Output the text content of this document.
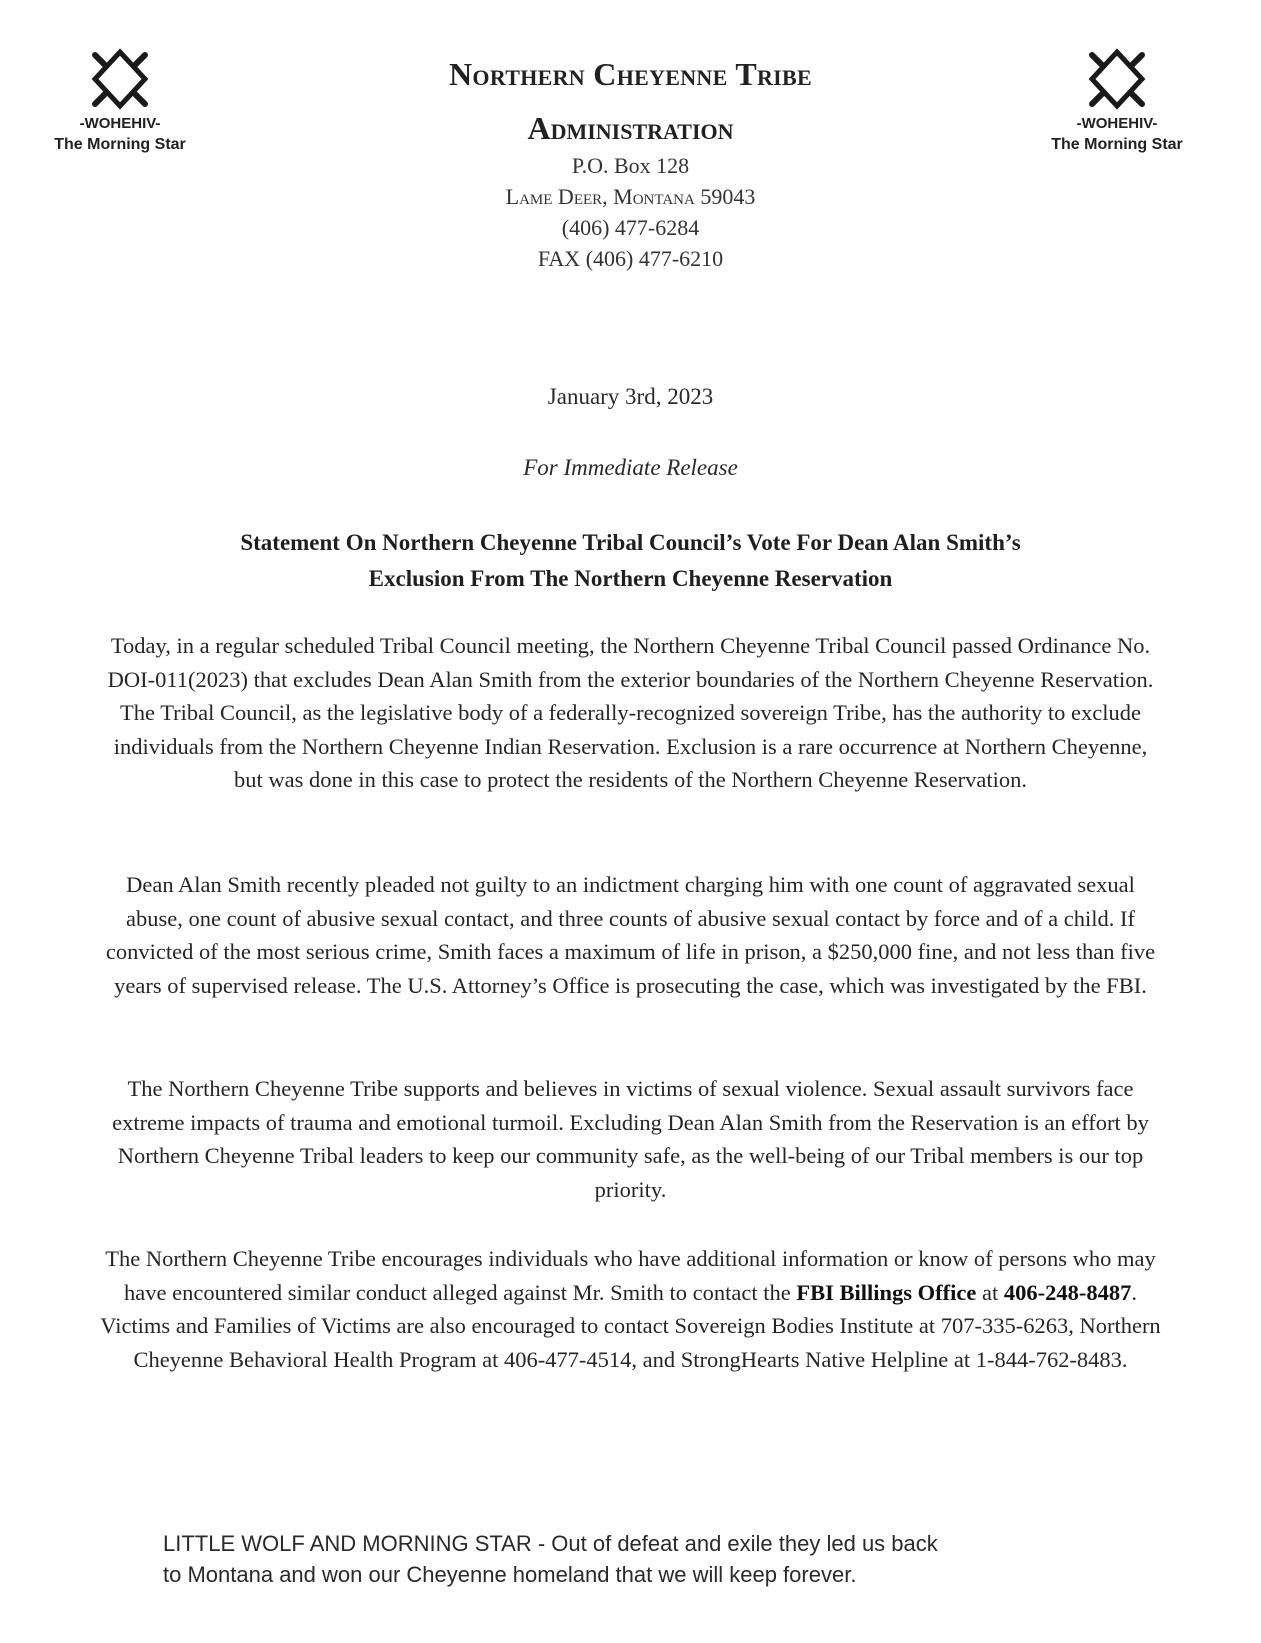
-WOHEHIV-
The Morning Star
-WOHEHIV-
The Morning Star
Northern Cheyenne Tribe
Administration
P.O. Box 128
Lame Deer, Montana 59043
(406) 477-6284
FAX (406) 477-6210
January 3rd, 2023
For Immediate Release
Statement On Northern Cheyenne Tribal Council’s Vote For Dean Alan Smith’s
Exclusion From The Northern Cheyenne Reservation
Today, in a regular scheduled Tribal Council meeting, the Northern Cheyenne Tribal Council passed Ordinance No. DOI-011(2023) that excludes Dean Alan Smith from the exterior boundaries of the Northern Cheyenne Reservation. The Tribal Council, as the legislative body of a federally-recognized sovereign Tribe, has the authority to exclude individuals from the Northern Cheyenne Indian Reservation. Exclusion is a rare occurrence at Northern Cheyenne, but was done in this case to protect the residents of the Northern Cheyenne Reservation.
Dean Alan Smith recently pleaded not guilty to an indictment charging him with one count of aggravated sexual abuse, one count of abusive sexual contact, and three counts of abusive sexual contact by force and of a child. If convicted of the most serious crime, Smith faces a maximum of life in prison, a $250,000 fine, and not less than five years of supervised release. The U.S. Attorney’s Office is prosecuting the case, which was investigated by the FBI.
The Northern Cheyenne Tribe supports and believes in victims of sexual violence. Sexual assault survivors face extreme impacts of trauma and emotional turmoil. Excluding Dean Alan Smith from the Reservation is an effort by Northern Cheyenne Tribal leaders to keep our community safe, as the well-being of our Tribal members is our top priority.
The Northern Cheyenne Tribe encourages individuals who have additional information or know of persons who may have encountered similar conduct alleged against Mr. Smith to contact the FBI Billings Office at 406-248-8487. Victims and Families of Victims are also encouraged to contact Sovereign Bodies Institute at 707-335-6263, Northern Cheyenne Behavioral Health Program at 406-477-4514, and StrongHearts Native Helpline at 1-844-762-8483.
LITTLE WOLF AND MORNING STAR - Out of defeat and exile they led us back
to Montana and won our Cheyenne homeland that we will keep forever.
